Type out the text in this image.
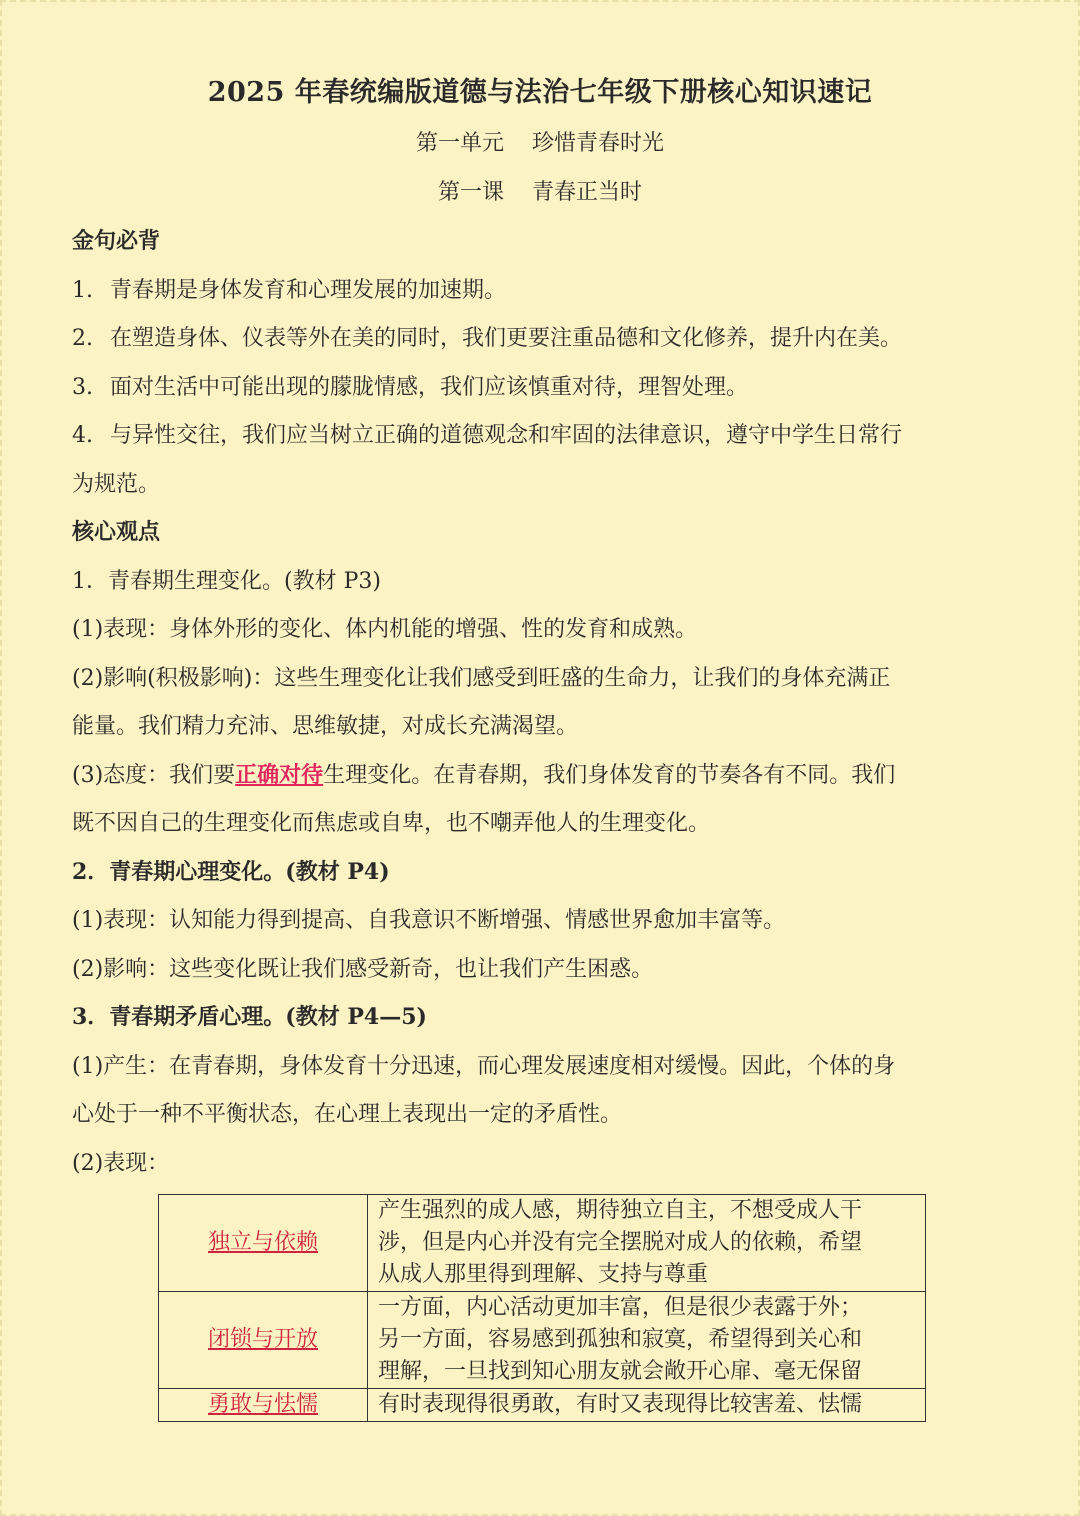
2025 年春统编版道德与法治七年级下册核心知识速记
第一单元 珍惜青春时光
第一课 青春正当时
金句必背
1. 青春期是身体发育和心理发展的加速期。
2. 在塑造身体、仪表等外在美的同时，我们更要注重品德和文化修养，提升内在美。
3. 面对生活中可能出现的朦胧情感，我们应该慎重对待，理智处理。
4. 与异性交往，我们应当树立正确的道德观念和牢固的法律意识，遵守中学生日常行
为规范。
核心观点
1．青春期生理变化。(教材 P3)
(1)表现：身体外形的变化、体内机能的增强、性的发育和成熟。
(2)影响(积极影响)：这些生理变化让我们感受到旺盛的生命力，让我们的身体充满正
能量。我们精力充沛、思维敏捷，对成长充满渴望。
(3)态度：我们要正确对待生理变化。在青春期，我们身体发育的节奏各有不同。我们
既不因自己的生理变化而焦虑或自卑，也不嘲弄他人的生理变化。
2．青春期心理变化。(教材 P4)
(1)表现：认知能力得到提高、自我意识不断增强、情感世界愈加丰富等。
(2)影响：这些变化既让我们感受新奇，也让我们产生困惑。
3．青春期矛盾心理。(教材 P4—5)
(1)产生：在青春期，身体发育十分迅速，而心理发展速度相对缓慢。因此，个体的身
心处于一种不平衡状态，在心理上表现出一定的矛盾性。
(2)表现：
独立与依赖	产生强烈的成人感，期待独立自主，不想受成人干
涉，但是内心并没有完全摆脱对成人的依赖，希望
从成人那里得到理解、支持与尊重

闭锁与开放	一方面，内心活动更加丰富，但是很少表露于外；
另一方面，容易感到孤独和寂寞，希望得到关心和
理解，一旦找到知心朋友就会敞开心扉、毫无保留

勇敢与怯懦	有时表现得很勇敢，有时又表现得比较害羞、怯懦
